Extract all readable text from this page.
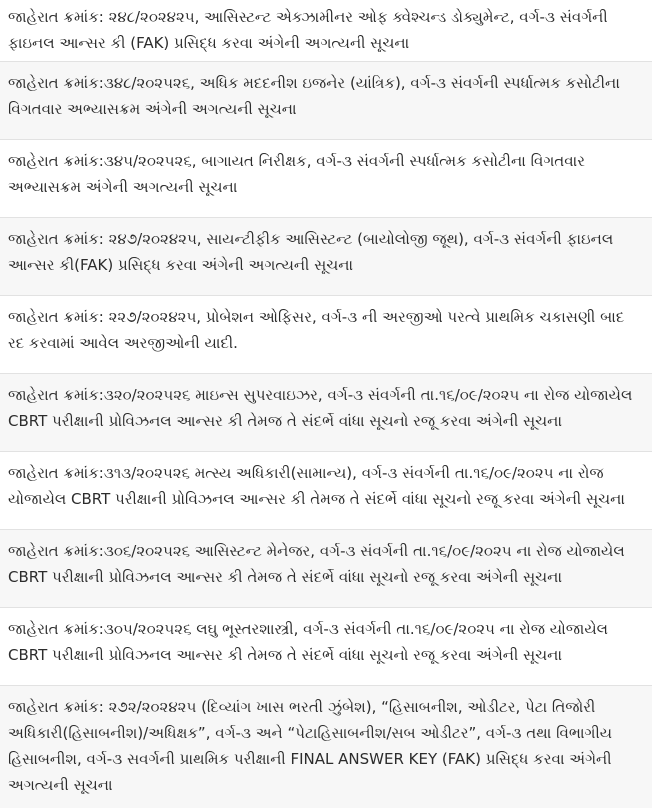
જાહેરાત ક્રમાંક: ૨૪૮/૨૦૨૪૨૫, આસિસ્ટન્ટ એક્ઝામીનર ઓફ ક્વેશ્ચન્ડ ડોક્યુમેન્ટ, વર્ગ-૩ સંવર્ગની ફાઇનલ આન્સર કી (FAK) પ્રસિદ્ધ કરવા અંગેની અગત્યની સૂચના
જાહેરાત ક્રમાંક:૩૪૮/૨૦૨૫૨૬, અધિક મદદનીશ ઇજનેર (યાંત્રિક), વર્ગ-૩ સંવર્ગની સ્પર્ધાત્મક કસોટીના વિગતવાર અભ્યાસક્રમ અંગેની અગત્યની સૂચના
જાહેરાત ક્રમાંક:૩૪૫/૨૦૨૫૨૬, બાગાયત નિરીક્ષક, વર્ગ-૩ સંવર્ગની સ્પર્ધાત્મક કસોટીના વિગતવાર અભ્યાસક્રમ અંગેની અગત્યની સૂચના
જાહેરાત ક્રમાંક: ૨૪૭/૨૦૨૪૨૫, સાયન્ટીફીક આસિસ્ટન્ટ (બાયોલોજી જૂથ), વર્ગ-૩ સંવર્ગની ફાઇનલ આન્સર કી(FAK) પ્રસિદ્ધ કરવા અંગેની અગત્યની સૂચના
જાહેરાત ક્રમાંક: ૨૨૭/૨૦૨૪૨૫, પ્રોબેશન ઓફિસર, વર્ગ-૩ ની અરજીઓ પરત્વે પ્રાથમિક ચકાસણી બાદ રદ કરવામાં આવેલ અરજીઓની યાદી.
જાહેરાત ક્રમાંક:૩૨૦/૨૦૨૫૨૬ માઇન્સ સુપરવાઇઝર, વર્ગ-૩ સંવર્ગની તા.૧૬/૦૯/૨૦૨૫ ના રોજ યોજાયેલ CBRT પરીક્ષાની પ્રોવિઝનલ આન્સર કી તેમજ તે સંદર્ભે વાંધા સૂચનો રજૂ કરવા અંગેની સૂચના
જાહેરાત ક્રમાંક:૩૧૩/૨૦૨૫૨૬ મત્સ્ય અધિકારી(સામાન્ય), વર્ગ-૩ સંવર્ગની તા.૧૬/૦૯/૨૦૨૫ ના રોજ યોજાયેલ CBRT પરીક્ષાની પ્રોવિઝનલ આન્સર કી તેમજ તે સંદર્ભે વાંધા સૂચનો રજૂ કરવા અંગેની સૂચના
જાહેરાત ક્રમાંક:૩૦૬/૨૦૨૫૨૬ આસિસ્ટન્ટ મેનેજર, વર્ગ-૩ સંવર્ગની તા.૧૬/૦૯/૨૦૨૫ ના રોજ યોજાયેલ CBRT પરીક્ષાની પ્રોવિઝનલ આન્સર કી તેમજ તે સંદર્ભે વાંધા સૂચનો રજૂ કરવા અંગેની સૂચના
જાહેરાત ક્રમાંક:૩૦૫/૨૦૨૫૨૬ લઘુ ભૂસ્તરશાસ્ત્રી, વર્ગ-૩ સંવર્ગની તા.૧૬/૦૯/૨૦૨૫ ના રોજ યોજાયેલ CBRT પરીક્ષાની પ્રોવિઝનલ આન્સર કી તેમજ તે સંદર્ભે વાંધા સૂચનો રજૂ કરવા અંગેની સૂચના
જાહેરાત ક્રમાંક: ૨૭૨/૨૦૨૪૨૫ (દિવ્યાંગ ખાસ ભરતી ઝુંબેશ), “હિસાબનીશ, ઓડીટર, પેટા તિજોરી અધિકારી(હિસાબનીશ)/અધિક્ષક”, વર્ગ-૩ અને “પેટાહિસાબનીશ/સબ ઓડીટર”, વર્ગ-૩ તથા વિભાગીય હિસાબનીશ, વર્ગ-૩ સવર્ગની પ્રાથમિક પરીક્ષાની FINAL ANSWER KEY (FAK) પ્રસિદ્ધ કરવા અંગેની અગત્યની સૂચના
